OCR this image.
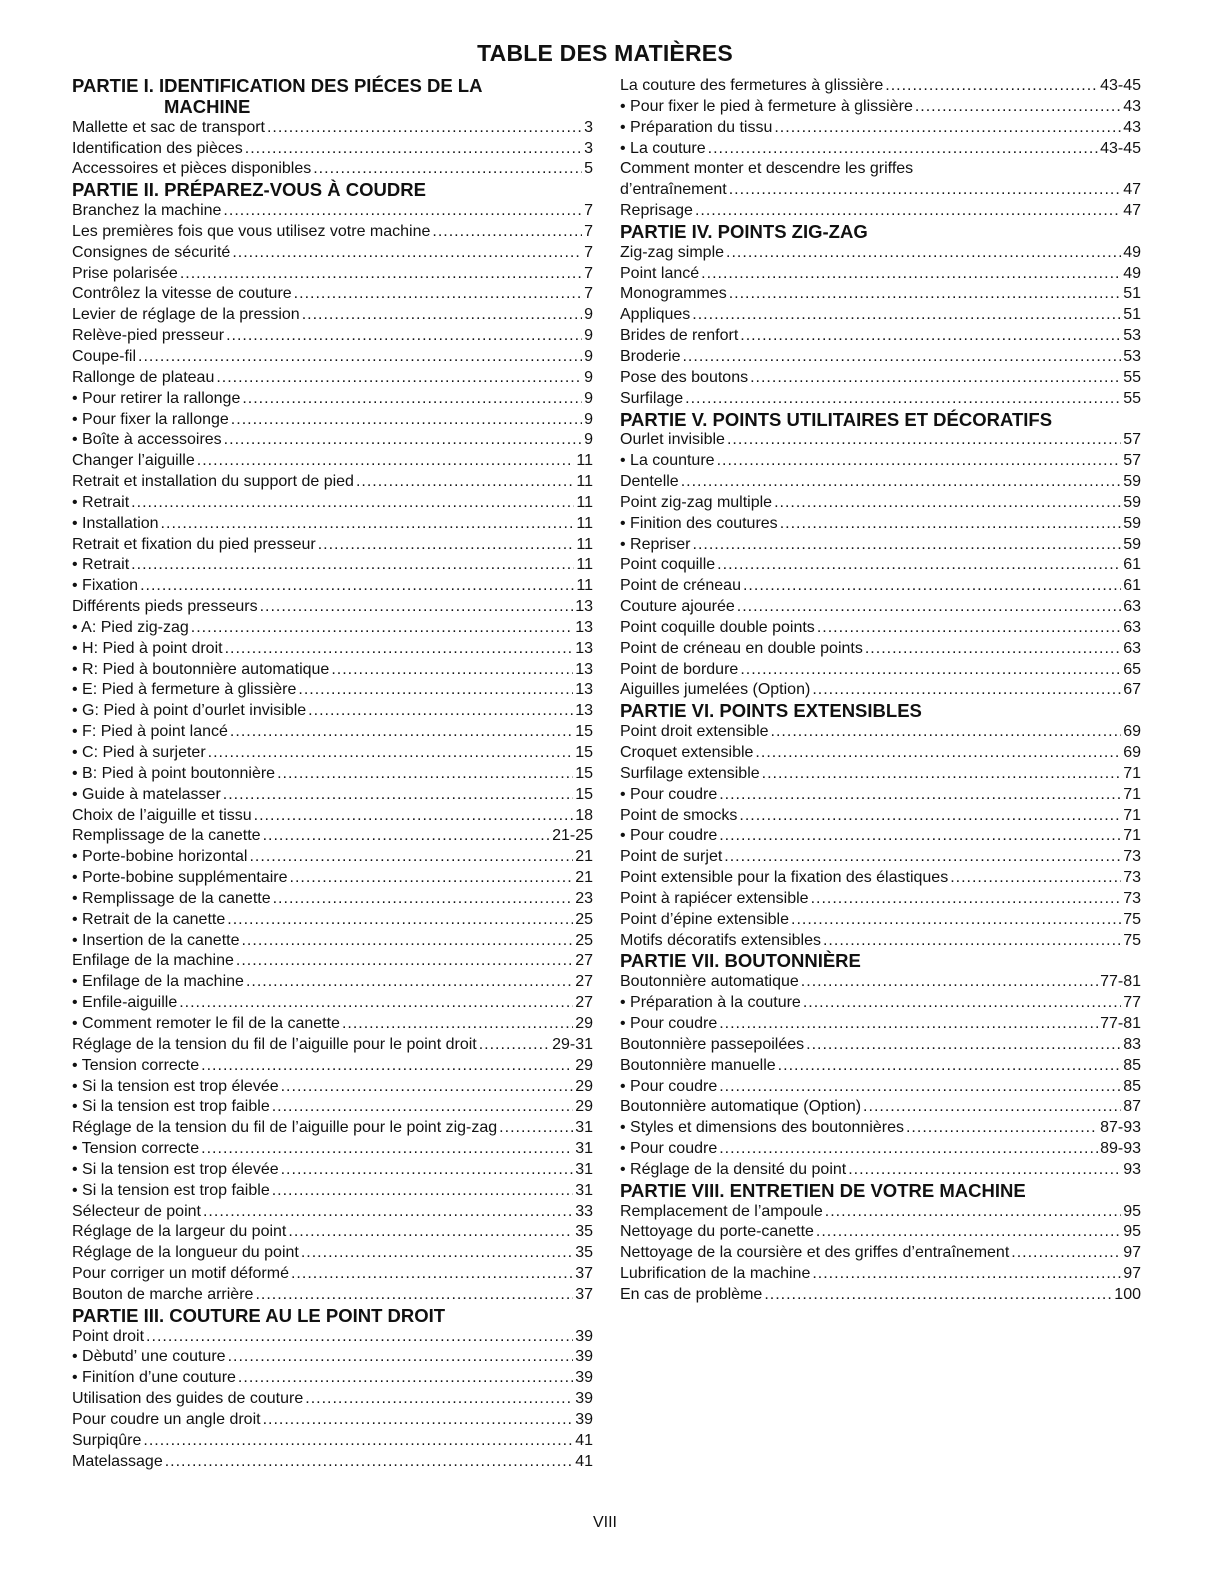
TABLE DES MATIÈRES
PARTIE I. IDENTIFICATION DES PIÉCES DE LA
MACHINE
Mallette et sac de transport .....	3
Identification des pièces .....	3
Accessoires et pièces disponibles .....	5
PARTIE II. PRÉPAREZ-VOUS À COUDRE
Branchez la machine .....	7
Les premières fois que vous utilisez votre machine .....	7
Consignes de sécurité .....	7
Prise polarisée .....	7
Contrôlez la vitesse de couture .....	7
Levier de réglage de la pression .....	9
Relève-pied presseur .....	9
Coupe-fil .....	9
Rallonge de plateau .....	9
• Pour retirer la rallonge .....	9
• Pour fixer la rallonge .....	9
• Boîte à accessoires .....	9
Changer l’aiguille .....	11
Retrait et installation du support de pied .....	11
• Retrait .....	11
• Installation .....	11
Retrait et fixation du pied presseur .....	11
• Retrait .....	11
• Fixation .....	11
Différents pieds presseurs .....	13
• A: Pied zig-zag .....	13
• H: Pied à point droit .....	13
• R: Pied à boutonnière automatique .....	13
• E: Pied à fermeture à glissière .....	13
• G: Pied à point d’ourlet invisible .....	13
• F: Pied à point lancé .....	15
• C: Pied à surjeter .....	15
• B: Pied à point boutonnière .....	15
• Guide à matelasser .....	15
Choix de l’aiguille et tissu .....	18
Remplissage de la canette .....	21-25
• Porte-bobine horizontal .....	21
• Porte-bobine supplémentaire .....	21
• Remplissage de la canette .....	23
• Retrait de la canette .....	25
• Insertion de la canette .....	25
Enfilage de la machine .....	27
• Enfilage de la machine .....	27
• Enfile-aiguille .....	27
• Comment remoter le fil de la canette .....	29
Réglage de la tension du fil de l’aiguille pour le point droit .....	29-31
• Tension correcte .....	29
• Si la tension est trop élevée .....	29
• Si la tension est trop faible .....	29
Réglage de la tension du fil de l’aiguille pour le point zig-zag .....	31
• Tension correcte .....	31
• Si la tension est trop élevée .....	31
• Si la tension est trop faible .....	31
Sélecteur de point .....	33
Réglage de la largeur du point .....	35
Réglage de la longueur du point .....	35
Pour corriger un motif déformé .....	37
Bouton de marche arrière .....	37
PARTIE III. COUTURE AU LE POINT DROIT
Point droit .....	39
• Dèbutd’ une couture .....	39
• Finitíon d’une couture .....	39
Utilisation des guides de couture .....	39
Pour coudre un angle droit .....	39
Surpiqûre .....	41
Matelassage .....	41
La couture des fermetures à glissière .....	43-45
• Pour fixer le pied à fermeture à glissière .....	43
• Préparation du tissu .....	43
• La couture .....	43-45
Comment monter et descendre les griffes
d’entraînement .....	47
Reprisage .....	47
PARTIE IV. POINTS ZIG-ZAG
Zig-zag simple .....	49
Point lancé .....	49
Monogrammes .....	51
Appliques .....	51
Brides de renfort .....	53
Broderie .....	53
Pose des boutons .....	55
Surfilage .....	55
PARTIE V. POINTS UTILITAIRES ET DÉCORATIFS
Ourlet invisible .....	57
• La counture .....	57
Dentelle .....	59
Point zig-zag multiple .....	59
• Finition des coutures .....	59
• Repriser .....	59
Point coquille .....	61
Point de créneau .....	61
Couture ajourée .....	63
Point coquille double points .....	63
Point de créneau en double points .....	63
Point de bordure .....	65
Aiguilles jumelées (Option) .....	67
PARTIE VI. POINTS EXTENSIBLES
Point droit extensible .....	69
Croquet extensible .....	69
Surfilage extensible .....	71
• Pour coudre .....	71
Point de smocks .....	71
• Pour coudre .....	71
Point de surjet .....	73
Point extensible pour la fixation des élastiques .....	73
Point à rapiécer extensible .....	73
Point d’épine extensible .....	75
Motifs décoratifs extensibles .....	75
PARTIE VII. BOUTONNIÈRE
Boutonnière automatique .....	77-81
• Préparation à la couture .....	77
• Pour coudre .....	77-81
Boutonnière passepoilées .....	83
Boutonnière manuelle .....	85
• Pour coudre .....	85
Boutonnière automatique (Option) .....	87
• Styles et dimensions des boutonnières .....	87-93
• Pour coudre .....	89-93
• Réglage de la densité du point .....	93
PARTIE VIII. ENTRETIEN DE VOTRE MACHINE
Remplacement de l’ampoule .....	95
Nettoyage du porte-canette .....	95
Nettoyage de la coursière et des griffes d’entraînement .....	97
Lubrification de la machine .....	97
En cas de problème .....	100
VIII
